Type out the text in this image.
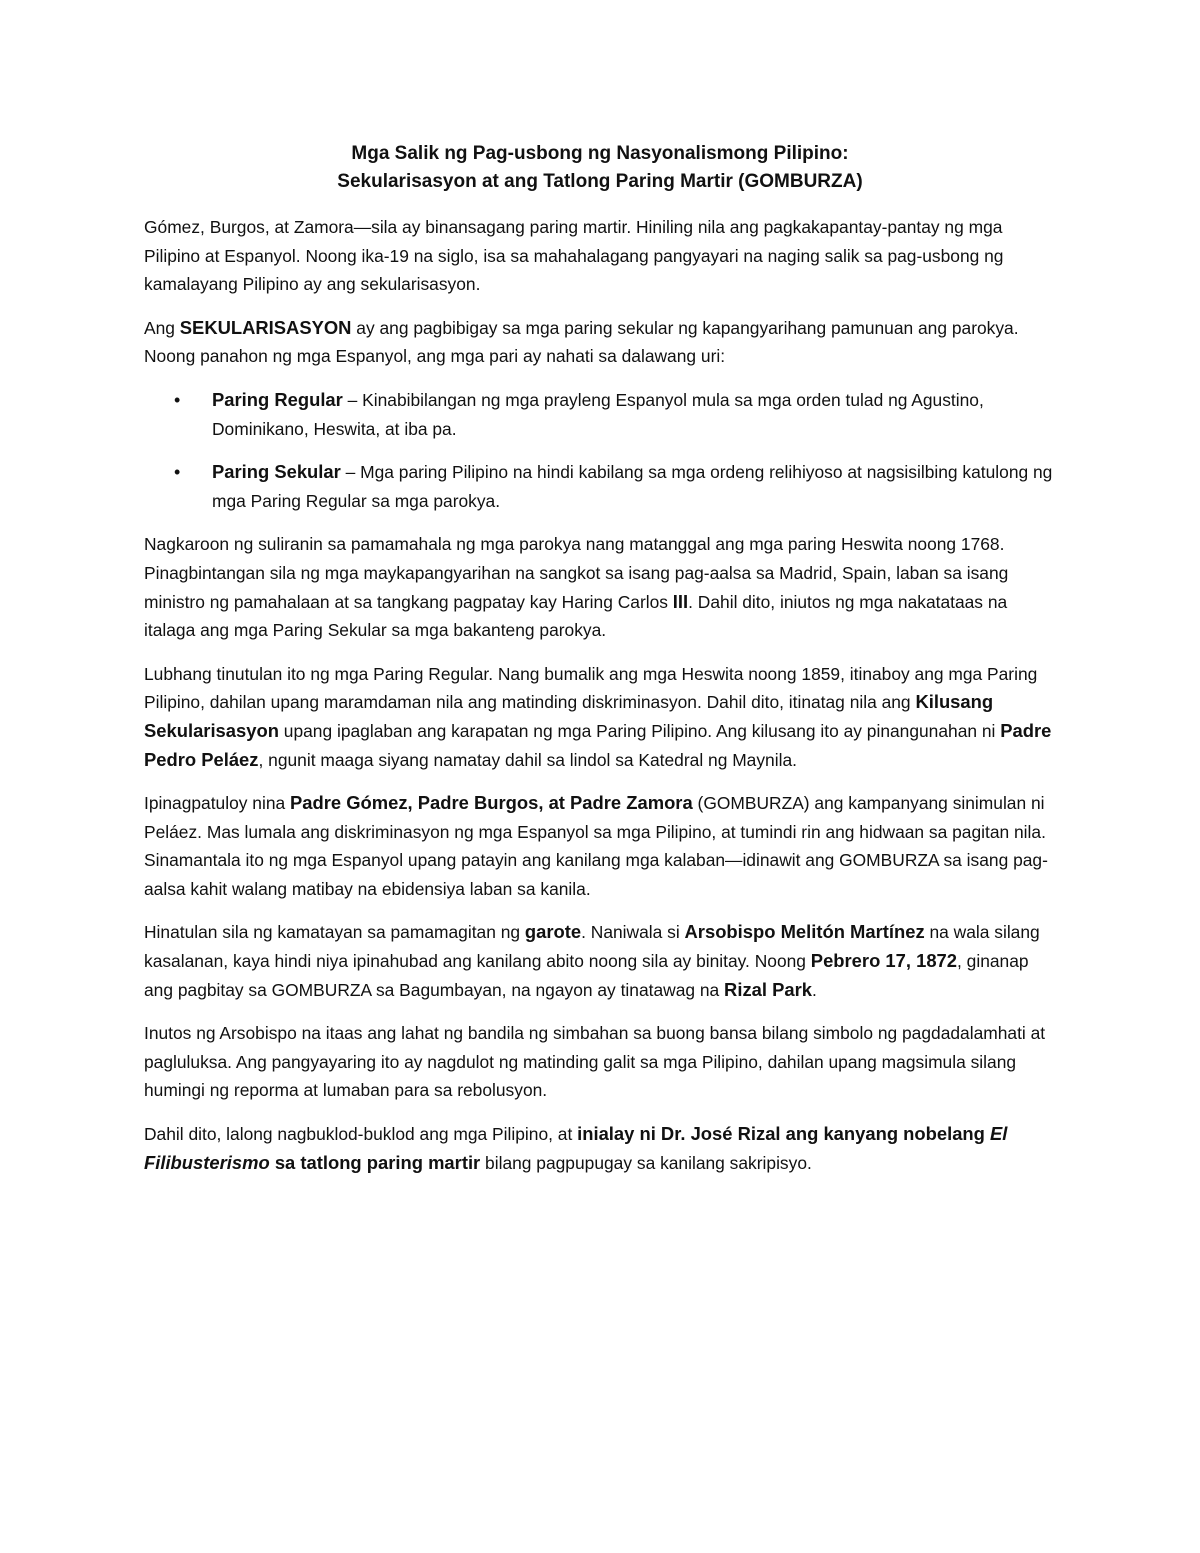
Mga Salik ng Pag-usbong ng Nasyonalismong Pilipino:
Sekularisasyon at ang Tatlong Paring Martir (GOMBURZA)

Gómez, Burgos, at Zamora—sila ay binansagang paring martir. Hiniling nila ang pagkakapantay-pantay ng mga Pilipino at Espanyol. Noong ika-19 na siglo, isa sa mahahalagang pangyayari na naging salik sa pag-usbong ng kamalayang Pilipino ay ang sekularisasyon.

Ang SEKULARISASYON ay ang pagbibigay sa mga paring sekular ng kapangyarihang pamunuan ang parokya. Noong panahon ng mga Espanyol, ang mga pari ay nahati sa dalawang uri:

• Paring Regular – Kinabibilangan ng mga prayleng Espanyol mula sa mga orden tulad ng Agustino, Dominikano, Heswita, at iba pa.
• Paring Sekular – Mga paring Pilipino na hindi kabilang sa mga ordeng relihiyoso at nagsisilbing katulong ng mga Paring Regular sa mga parokya.

Nagkaroon ng suliranin sa pamamahala ng mga parokya nang matanggal ang mga paring Heswita noong 1768. Pinagbintangan sila ng mga maykapangyarihan na sangkot sa isang pag-aalsa sa Madrid, Spain, laban sa isang ministro ng pamahalaan at sa tangkang pagpatay kay Haring Carlos III. Dahil dito, iniutos ng mga nakatataas na italaga ang mga Paring Sekular sa mga bakanteng parokya.

Lubhang tinutulan ito ng mga Paring Regular. Nang bumalik ang mga Heswita noong 1859, itinaboy ang mga Paring Pilipino, dahilan upang maramdaman nila ang matinding diskriminasyon. Dahil dito, itinatag nila ang Kilusang Sekularisasyon upang ipaglaban ang karapatan ng mga Paring Pilipino. Ang kilusang ito ay pinangunahan ni Padre Pedro Peláez, ngunit maaga siyang namatay dahil sa lindol sa Katedral ng Maynila.

Ipinagpatuloy nina Padre Gómez, Padre Burgos, at Padre Zamora (GOMBURZA) ang kampanyang sinimulan ni Peláez. Mas lumala ang diskriminasyon ng mga Espanyol sa mga Pilipino, at tumindi rin ang hidwaan sa pagitan nila. Sinamantala ito ng mga Espanyol upang patayin ang kanilang mga kalaban—idinawit ang GOMBURZA sa isang pag-aalsa kahit walang matibay na ebidensiya laban sa kanila.

Hinatulan sila ng kamatayan sa pamamagitan ng garote. Naniwala si Arsobispo Melitón Martínez na wala silang kasalanan, kaya hindi niya ipinahubad ang kanilang abito noong sila ay binitay. Noong Pebrero 17, 1872, ginanap ang pagbitay sa GOMBURZA sa Bagumbayan, na ngayon ay tinatawag na Rizal Park.

Inutos ng Arsobispo na itaas ang lahat ng bandila ng simbahan sa buong bansa bilang simbolo ng pagdadalamhati at pagluluksa. Ang pangyayaring ito ay nagdulot ng matinding galit sa mga Pilipino, dahilan upang magsimula silang humingi ng reporma at lumaban para sa rebolusyon.

Dahil dito, lalong nagbuklod-buklod ang mga Pilipino, at inialay ni Dr. José Rizal ang kanyang nobelang El Filibusterismo sa tatlong paring martir bilang pagpupugay sa kanilang sakripisyo.
